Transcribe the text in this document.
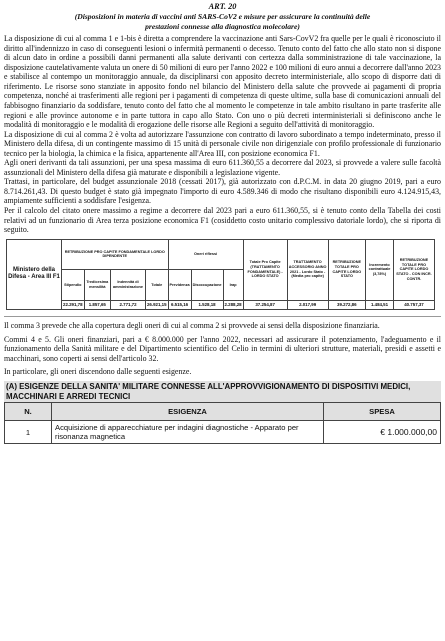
ART. 20
(Disposizioni in materia di vaccini anti SARS-CoV2 e misure per assicurare la continuità delle
prestazioni connesse alla diagnostica molecolare)

La disposizione di cui al comma 1 e 1-bis è diretta a comprendere la vaccinazione anti Sars-CovV2 fra quelle per le quali è riconosciuto il diritto all'indennizzo in caso di conseguenti lesioni o infermità permanenti o decesso. Tenuto conto del fatto che allo stato non si dispone di alcun dato in ordine a possibili danni permanenti alla salute derivanti con certezza dalla somministrazione di tale vaccinazione, la disposizione cautelativamente valuta un onere di 50 milioni di euro per l'anno 2022 e 100 milioni di euro annui a decorrere dall'anno 2023 e stabilisce al contempo un monitoraggio annuale, da disciplinarsi con apposito decreto interministeriale, allo scopo di disporre dati di riferimento. Le risorse sono stanziate in apposito fondo nel bilancio del Ministero della salute che provvede ai pagamenti di propria competenza, nonché ai trasferimenti alle regioni per i pagamenti di competenza di queste ultime, sulla base di comunicazioni annuali del fabbisogno finanziario da soddisfare, tenuto conto del fatto che al momento le competenze in tale ambito risultano in parte trasferite alle regioni e alle province autonome e in parte tuttora in capo allo Stato. Con uno o più decreti interministeriali si definiscono anche le modalità di monitoraggio e le modalità di erogazione delle risorse alle Regioni a seguito dell'attività di monitoraggio.

La disposizione di cui al comma 2 è volta ad autorizzare l'assunzione con contratto di lavoro subordinato a tempo indeterminato, presso il Ministero della difesa, di un contingente massimo di 15 unità di personale civile non dirigenziale con profilo professionale di funzionario tecnico per la biologia, la chimica e la fisica, appartenente all'Area III, con posizione economica F1.

Agli oneri derivanti da tali assunzioni, per una spesa massima di euro 611.360,55 a decorrere dal 2023, si provvede a valere sulle facoltà assunzionali del Ministero della difesa già maturate e disponibili a legislazione vigente.

Trattasi, in particolare, del budget assunzionale 2018 (cessati 2017), già autorizzato con d.P.C.M. in data 20 giugno 2019, pari a euro 8.714.261,43. Di questo budget è stato già impegnato l'importo di euro 4.589.346 di modo che risultano disponibili euro 4.124.915,43, ampiamente sufficienti a soddisfare l'esigenza.

Per il calcolo del citato onere massimo a regime a decorrere dal 2023 pari a euro 611.360,55, si è tenuto conto della Tabella dei costi relativi ad un funzionario di Area terza posizione economica F1 (cosiddetto costo unitario complessivo datoriale lordo), che si riporta di seguito.

Ministero della Difesa - Area III F1	RETRIBUZIONE PRO CAPITE FONDAMENTALE LORDO DIPENDENTE				Oneri riflessi			Totale Pro Capite (TRATTAMENTO FONDAMENTALE) - LORDO STATO	TRATTAMENTO ACCESSORIO ANNO 2021 - Lordo Stato - (Media pro capite)	RETRIBUZIONE TOTALE PRO CAPITE LORDO STATO	Incremento contrattuale (3,78%)	RETRIBUZIONE TOTALE PRO CAPITE LORDO STATO - CON INCR. CONTR.
	Stipendio	Tredicesima mensilità	Indennità di amministrazione	Totale	Previdenza	Disoccupazione	Irap					
	22.291,78	1.857,65	2.771,72	26.921,15	6.515,16	1.528,18	2.288,28	37.254,87	2.017,99	39.272,86	1.484,51	40.757,37

Il comma 3 prevede che alla copertura degli oneri di cui al comma 2 si provvede ai sensi della disposizione finanziaria.

Commi 4 e 5. Gli oneri finanziari, pari a € 8.000.000 per l'anno 2022, necessari ad assicurare il potenziamento, l'adeguamento e il funzionamento della Sanità militare e del Dipartimento scientifico del Celio in termini di ulteriori strutture, materiali, presidi e assetti e macchinari, sono coperti ai sensi dell'articolo 32.

In particolare, gli oneri discendono dalle seguenti esigenze.

(A) ESIGENZE DELLA SANITA' MILITARE CONNESSE ALL'APPROVVIGIONAMENTO DI DISPOSITIVI MEDICI, MACCHINARI E ARREDI TECNICI
N.	ESIGENZA	SPESA
1	Acquisizione di apparecchiature per indagini diagnostiche - Apparato per risonanza magnetica	€ 1.000.000,00
